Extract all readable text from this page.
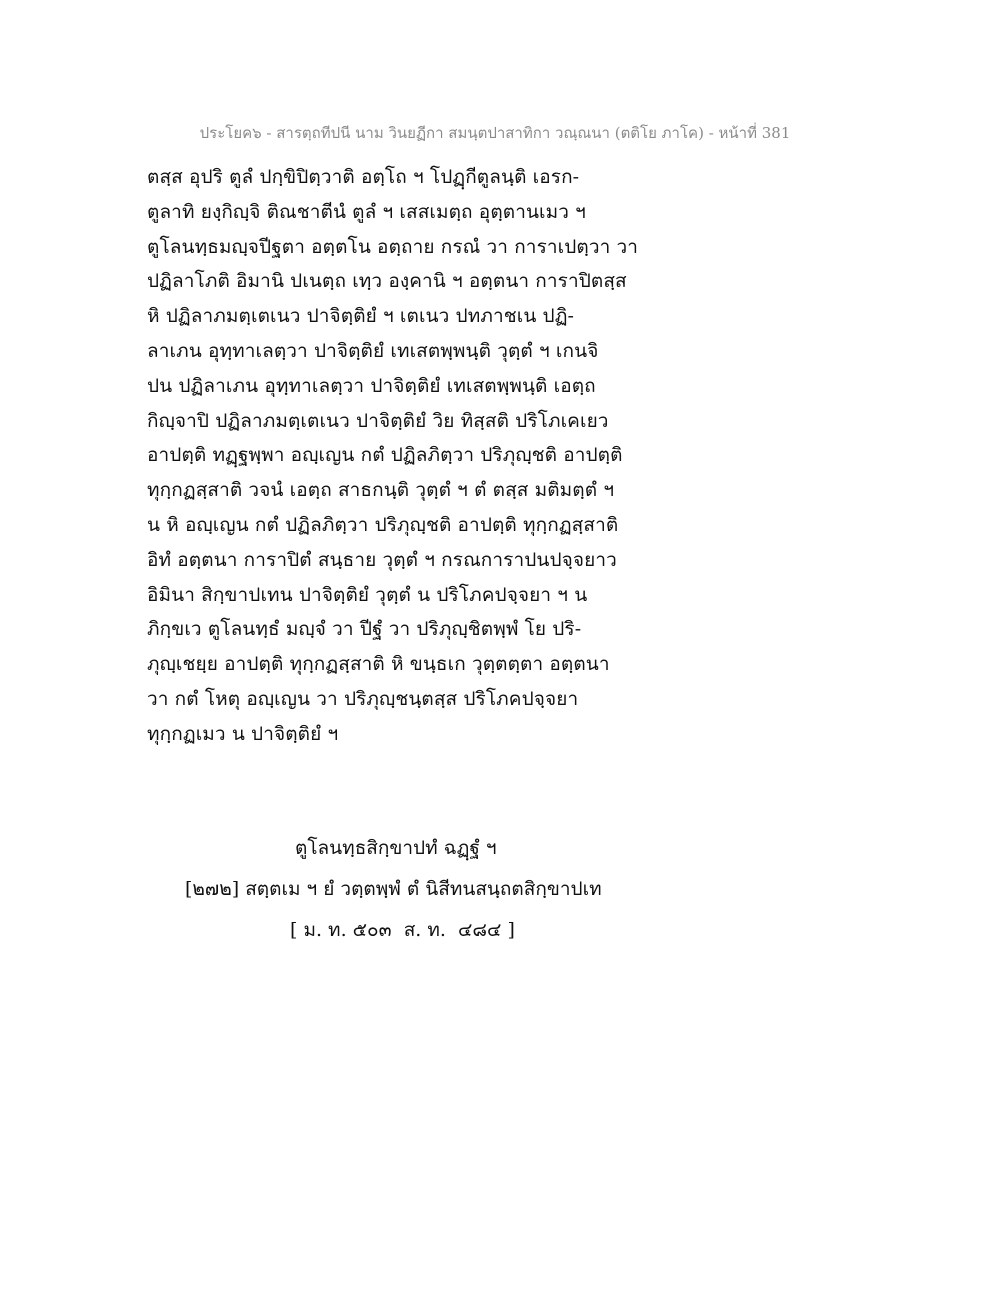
ประโยค๖ - สารตฺถทีปนี นาม วินยฏีกา สมนฺตปาสาทิกา วณฺณนา (ตติโย ภาโค) - หน้าที่ 381
ตสฺส อุปริ ตูลํ ปกฺขิปิตฺวาติ อตฺโถ ฯ โปฏฺกีตูลนฺติ เอรก-
ตูลาทิ ยงฺกิญฺจิ ติณชาตีนํ ตูลํ ฯ เสสเมตฺถ อุตฺตานเมว ฯ
ตูโลนทฺธมญฺจปีฐตา อตฺตโน อตฺถาย กรณํ วา การาเปตฺวา วา
ปฏิลาโภติ อิมานิ ปเนตฺถ เทฺว องฺคานิ ฯ อตฺตนา การาปิตสฺส
หิ ปฏิลาภมตฺเตเนว ปาจิตฺติยํ ฯ เตเนว ปทภาชเน ปฏิ-
ลาเภน อุทฺทาเลตฺวา ปาจิตฺติยํ เทเสตพฺพนฺติ วุตฺตํ ฯ เกนจิ
ปน ปฏิลาเภน อุทฺทาเลตฺวา ปาจิตฺติยํ เทเสตพฺพนฺติ เอตฺถ
กิญฺจาปิ ปฏิลาภมตฺเตเนว ปาจิตฺติยํ วิย ทิสฺสติ ปริโภเคเยว
อาปตฺติ ทฏฺฐพฺพา อญฺเญน กตํ ปฏิลภิตฺวา ปริภุญฺชติ อาปตฺติ
ทุกฺกฏสฺสาติ วจนํ เอตฺถ สาธกนฺติ วุตฺตํ ฯ ตํ ตสฺส มติมตฺตํ ฯ
น หิ อญฺเญน กตํ ปฏิลภิตฺวา ปริภุญฺชติ อาปตฺติ ทุกฺกฏสฺสาติ
อิทํ อตฺตนา การาปิตํ สนฺธาย วุตฺตํ ฯ กรณการาปนปจฺจยาว
อิมินา สิกฺขาปเทน ปาจิตฺติยํ วุตฺตํ น ปริโภคปจฺจยา ฯ น
ภิกฺขเว ตูโลนทฺธํ มญฺจํ วา ปีฐํ วา ปริภุญฺชิตพฺพํ โย ปริ-
ภุญฺเชยฺย อาปตฺติ ทุกฺกฏสฺสาติ หิ ขนฺธเก วุตฺตตฺตา อตฺตนา
วา กตํ โหตุ อญฺเญน วา ปริภุญฺชนฺตสฺส ปริโภคปจฺจยา
ทุกฺกฏเมว น ปาจิตฺติยํ ฯ
ตูโลนทฺธสิกฺขาปทํ ฉฏฺฐํ ฯ
[๒๗๒] สตฺตเม ฯ ยํ วตฺตพฺพํ ตํ นิสีทนสนฺถตสิกฺขาปเท
[ ม. ท. ๕๐๓  ส. ท.  ๔๘๔ ]
